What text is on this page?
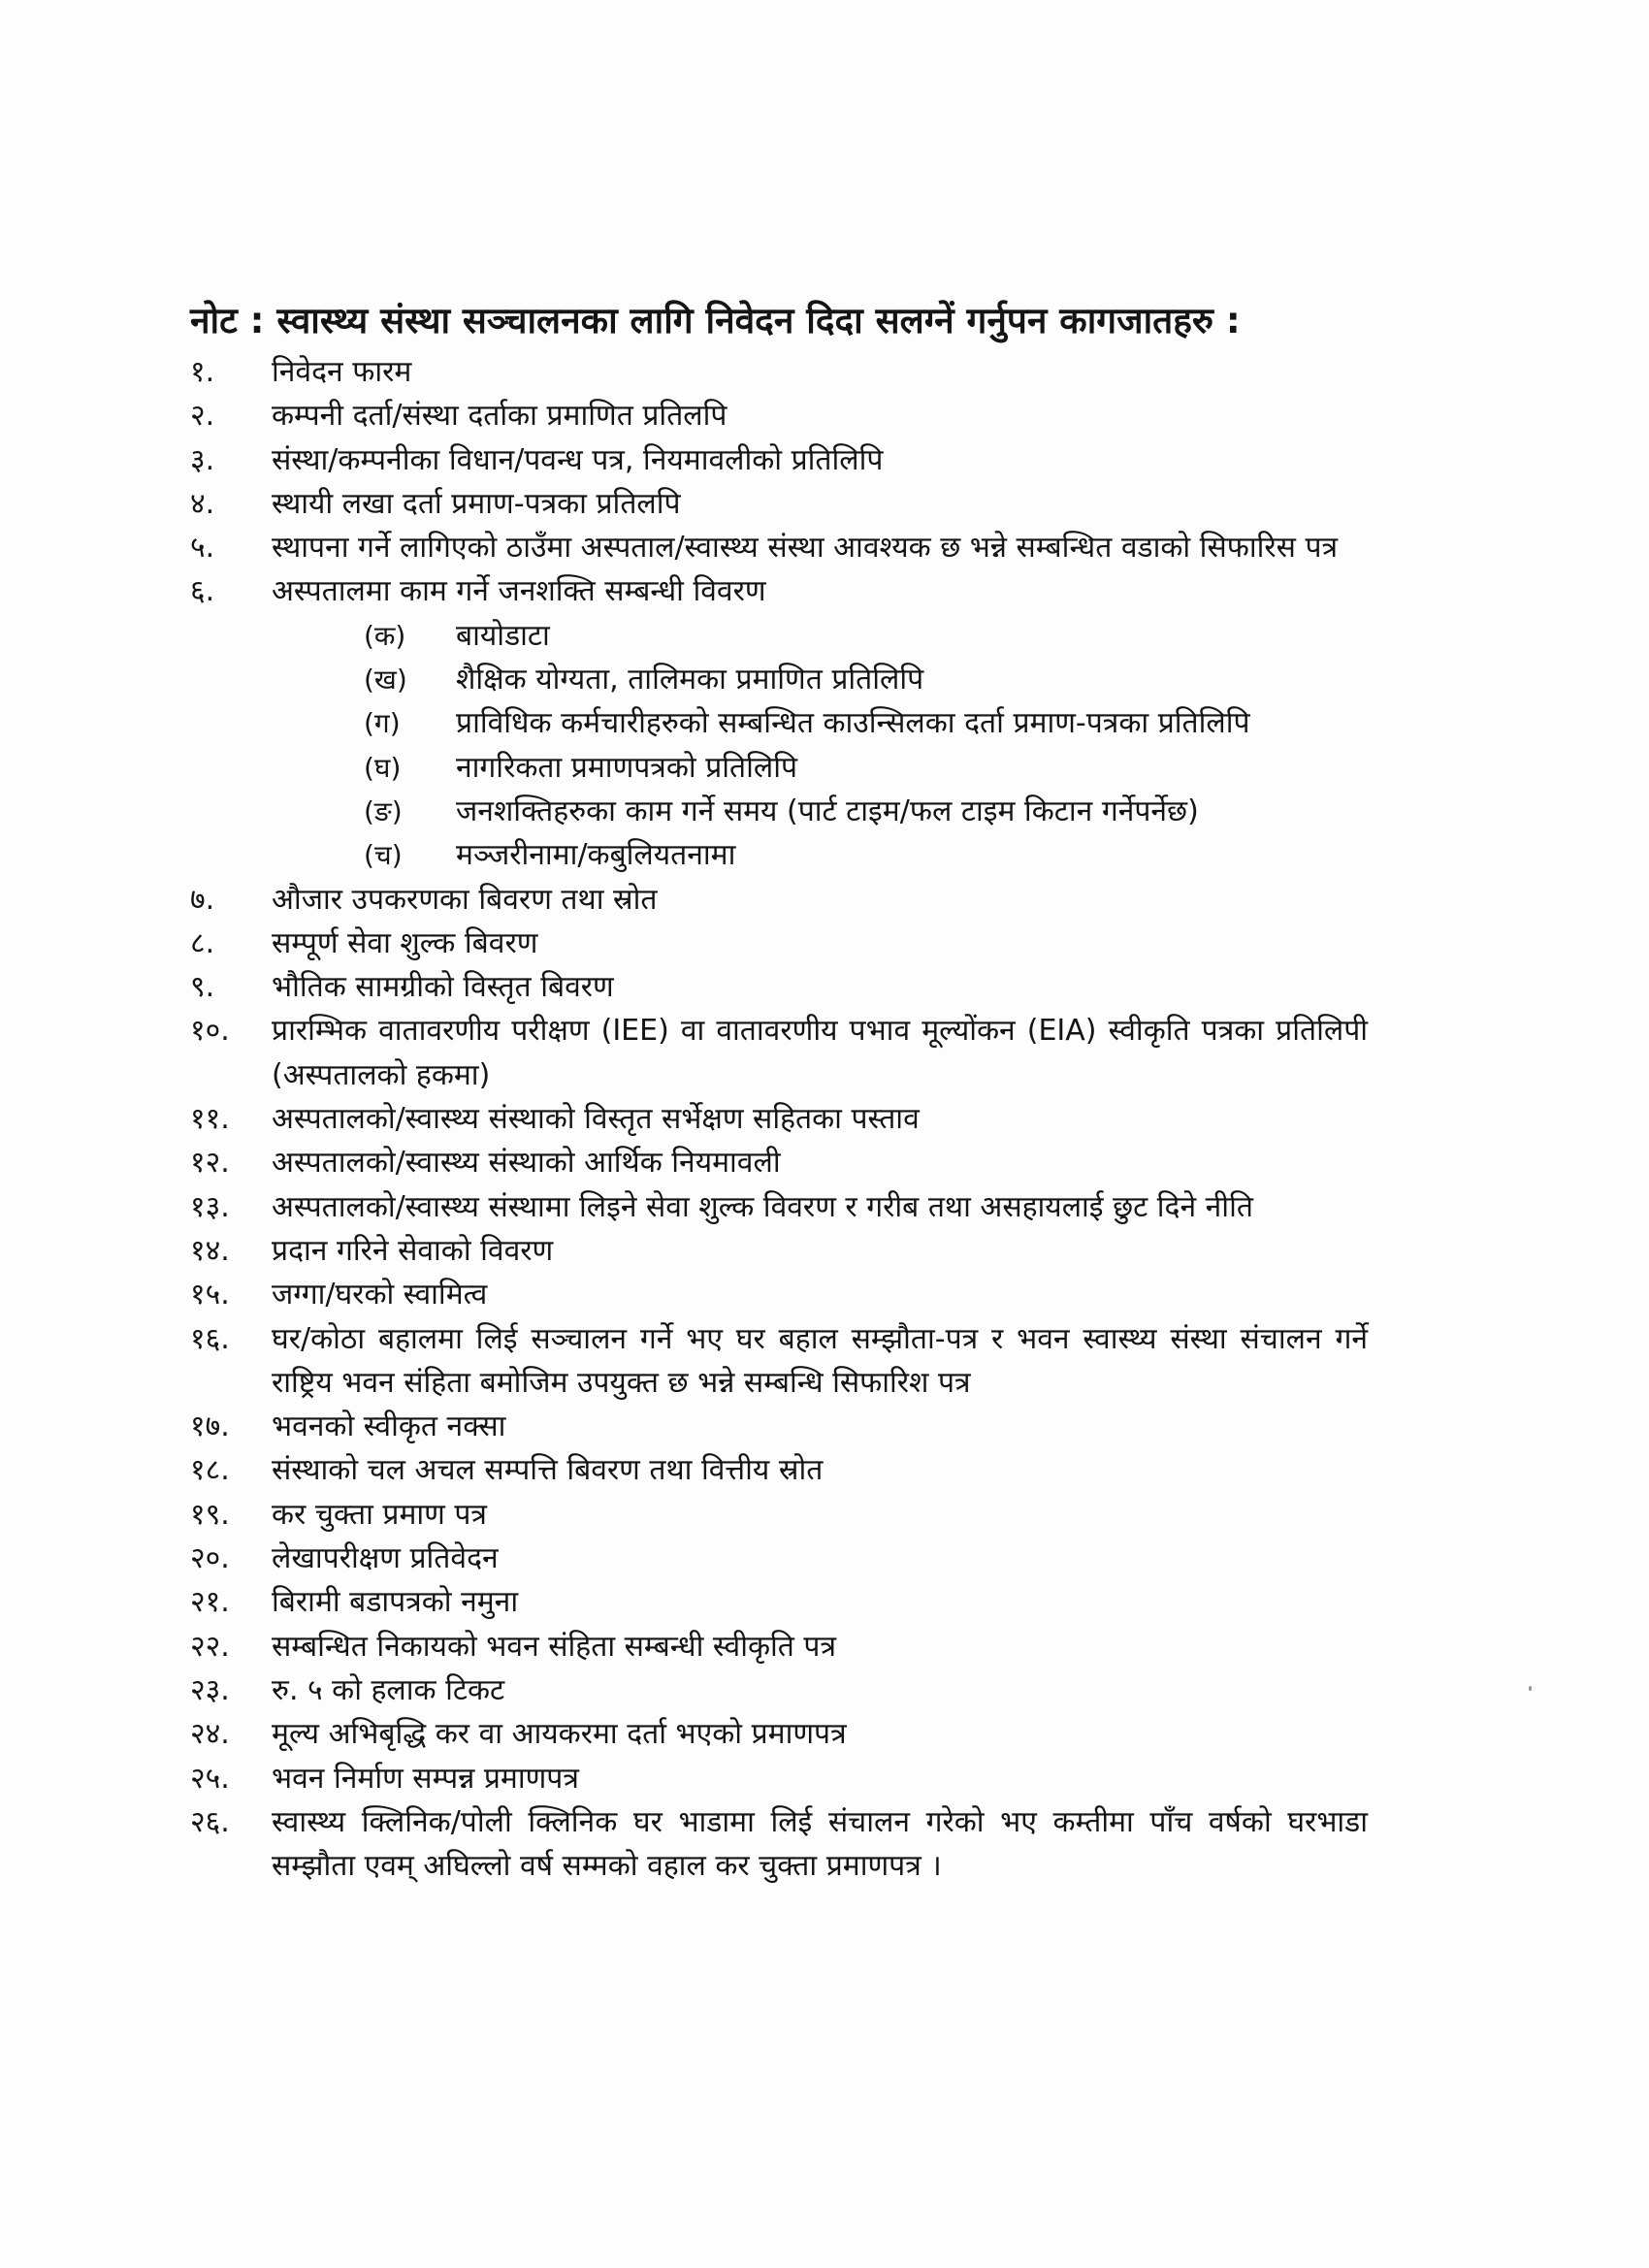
नोट : स्वास्थ्य संस्था सञ्चालनका लागि निवेदन दिदा सलग्नें गर्नुपन कागजातहरु :
१.	निवेदन फारम
२.	कम्पनी दर्ता/संस्था दर्ताका प्रमाणित प्रतिलपि
३.	संस्था/कम्पनीका विधान/पवन्ध पत्र, नियमावलीको प्रतिलिपि
४.	स्थायी लखा दर्ता प्रमाण-पत्रका प्रतिलपि
५.	स्थापना गर्ने लागिएको ठाउँमा अस्पताल/स्वास्थ्य संस्था आवश्यक छ भन्ने सम्बन्धित वडाको सिफारिस पत्र
६.	अस्पतालमा काम गर्ने जनशक्ति सम्बन्धी विवरण
(क)	बायोडाटा
(ख)	शैक्षिक योग्यता, तालिमका प्रमाणित प्रतिलिपि
(ग)	प्राविधिक कर्मचारीहरुको सम्बन्धित काउन्सिलका दर्ता प्रमाण-पत्रका प्रतिलिपि
(घ)	नागरिकता प्रमाणपत्रको प्रतिलिपि
(ङ)	जनशक्तिहरुका काम गर्ने समय (पार्ट टाइम/फल टाइम किटान गर्नेपर्नेछ)
(च)	मञ्जरीनामा/कबुलियतनामा
७.	औजार उपकरणका बिवरण तथा स्रोत
८.	सम्पूर्ण सेवा शुल्क बिवरण
९.	भौतिक सामग्रीको विस्तृत बिवरण
१०.	प्रारम्भिक वातावरणीय परीक्षण (IEE) वा वातावरणीय पभाव मूल्योंकन (EIA) स्वीकृति पत्रका प्रतिलिपी (अस्पतालको हकमा)
११.	अस्पतालको/स्वास्थ्य संस्थाको विस्तृत सर्भेक्षण सहितका पस्ताव
१२.	अस्पतालको/स्वास्थ्य संस्थाको आर्थिक नियमावली
१३.	अस्पतालको/स्वास्थ्य संस्थामा लिइने सेवा शुल्क विवरण र गरीब तथा असहायलाई छुट दिने नीति
१४.	प्रदान गरिने सेवाको विवरण
१५.	जग्गा/घरको स्वामित्व
१६.	घर/कोठा बहालमा लिई सञ्चालन गर्ने भए घर बहाल सम्झौता-पत्र र भवन स्वास्थ्य संस्था संचालन गर्ने राष्ट्रिय भवन संहिता बमोजिम उपयुक्त छ भन्ने सम्बन्धि सिफारिश पत्र
१७.	भवनको स्वीकृत नक्सा
१८.	संस्थाको चल अचल सम्पत्ति बिवरण तथा वित्तीय स्रोत
१९.	कर चुक्ता प्रमाण पत्र
२०.	लेखापरीक्षण प्रतिवेदन
२१.	बिरामी बडापत्रको नमुना
२२.	सम्बन्धित निकायको भवन संहिता सम्बन्धी स्वीकृति पत्र
२३.	रु. ५ को हलाक टिकट
२४.	मूल्य अभिबृद्धि कर वा आयकरमा दर्ता भएको प्रमाणपत्र
२५.	भवन निर्माण सम्पन्न प्रमाणपत्र
२६.	स्वास्थ्य क्लिनिक/पोली क्लिनिक घर भाडामा लिई संचालन गरेको भए कम्तीमा पाँच वर्षको घरभाडा सम्झौता एवम् अघिल्लो वर्ष सम्मको वहाल कर चुक्ता प्रमाणपत्र ।
